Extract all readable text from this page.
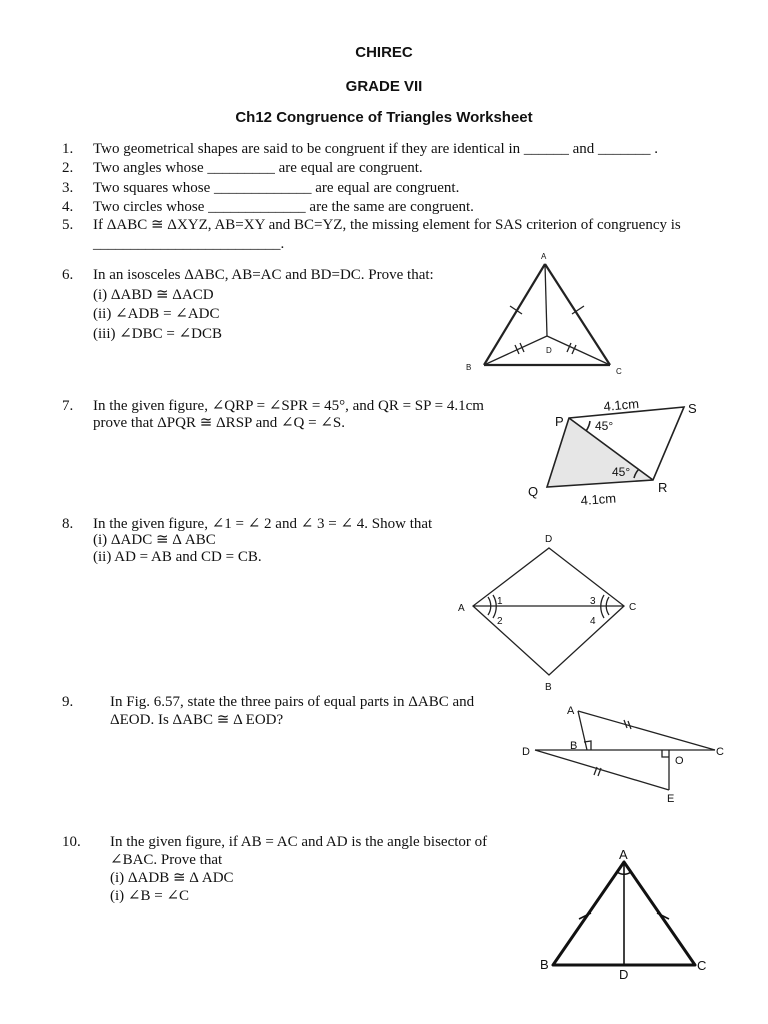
CHIREC
GRADE VII
Ch12 Congruence of Triangles Worksheet
1. Two geometrical shapes are said to be congruent if they are identical in ______ and _______ .
2. Two angles whose _________ are equal are congruent.
3. Two squares whose _____________ are equal are congruent.
4. Two circles whose _____________ are the same are congruent.
5. If ΔABC ≅ ΔXYZ, AB=XY and BC=YZ, the missing element for SAS criterion of congruency is
_________________________.
6. In an isosceles ΔABC, AB=AC and BD=DC. Prove that:
(i) ΔABD ≅ ΔACD
(ii) ∠ADB = ∠ADC
(iii) ∠DBC = ∠DCB
A
B	C
D
7. In the given figure, ∠QRP = ∠SPR = 45°, and QR = SP = 4.1cm
prove that ΔPQR ≅ ΔRSP and ∠Q = ∠S.	P
Q	R
S
4.1cm
4.1cm
45°
45°
8. In the given figure, ∠1 = ∠ 2 and ∠ 3 = ∠ 4. Show that
(i) ΔADC ≅ Δ ABC
(ii) AD = AB and CD = CB.
A
B
C
D
1
2
3
4
9. In Fig. 6.57, state the three pairs of equal parts in ΔABC and
ΔEOD. Is ΔABC ≅ Δ EOD?
A
B	C
D
E
O
10. In the given figure, if AB = AC and AD is the angle bisector of
∠BAC. Prove that
(i) ΔADB ≅ Δ ADC
(i) ∠B = ∠C
A
B	C
D
